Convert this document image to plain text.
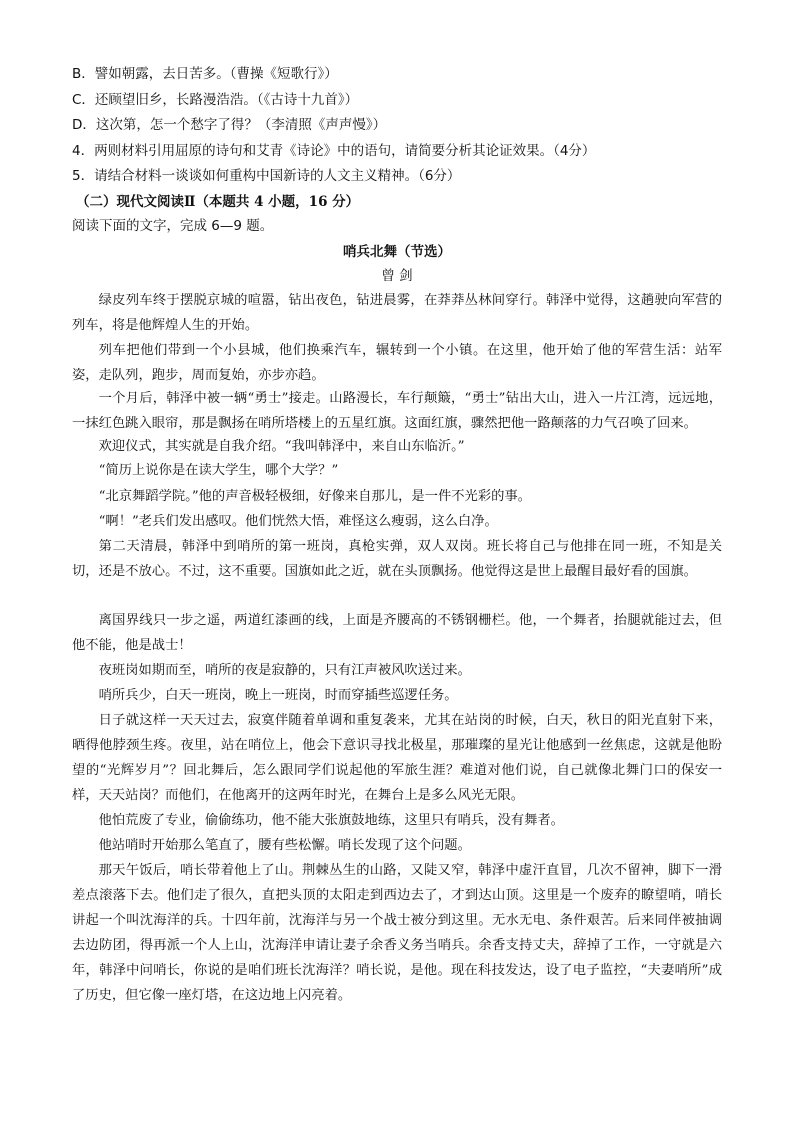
B．譬如朝露，去日苦多。（曹操《短歌行》）
C．还顾望旧乡，长路漫浩浩。（《古诗十九首》）
D．这次第，怎一个愁字了得？（李清照《声声慢》）
4．两则材料引用屈原的诗句和艾青《诗论》中的语句，请简要分析其论证效果。（4分）
5．请结合材料一谈谈如何重构中国新诗的人文主义精神。（6分）
（二）现代文阅读Ⅱ（本题共 4 小题，16 分）
阅读下面的文字，完成 6—9 题。
哨兵北舞（节选）
曾 剑

绿皮列车终于摆脱京城的喧嚣，钻出夜色，钻进晨雾，在莽莽丛林间穿行。韩泽中觉得，这趟驶向军营的列车，将是他辉煌人生的开始。

列车把他们带到一个小县城，他们换乘汽车，辗转到一个小镇。在这里，他开始了他的军营生活：站军姿，走队列，跑步，周而复始，亦步亦趋。

一个月后，韩泽中被一辆“勇士”接走。山路漫长，车行颠簸，“勇士”钻出大山，进入一片江湾，远远地，一抹红色跳入眼帘，那是飘扬在哨所塔楼上的五星红旗。这面红旗，骤然把他一路颠落的力气召唤了回来。

欢迎仪式，其实就是自我介绍。“我叫韩泽中，来自山东临沂。”

“简历上说你是在读大学生，哪个大学？”

“北京舞蹈学院。”他的声音极轻极细，好像来自那儿，是一件不光彩的事。

“啊！”老兵们发出感叹。他们恍然大悟，难怪这么瘦弱，这么白净。

第二天清晨，韩泽中到哨所的第一班岗，真枪实弹，双人双岗。班长将自己与他排在同一班，不知是关切，还是不放心。不过，这不重要。国旗如此之近，就在头顶飘扬。他觉得这是世上最醒目最好看的国旗。

离国界线只一步之遥，两道红漆画的线，上面是齐腰高的不锈钢栅栏。他，一个舞者，抬腿就能过去，但他不能，他是战士！

夜班岗如期而至，哨所的夜是寂静的，只有江声被风吹送过来。

哨所兵少，白天一班岗，晚上一班岗，时而穿插些巡逻任务。

日子就这样一天天过去，寂寞伴随着单调和重复袭来，尤其在站岗的时候，白天，秋日的阳光直射下来，晒得他脖颈生疼。夜里，站在哨位上，他会下意识寻找北极星，那璀璨的星光让他感到一丝焦虑，这就是他盼望的“光辉岁月”？回北舞后，怎么跟同学们说起他的军旅生涯？难道对他们说，自己就像北舞门口的保安一样，天天站岗？而他们，在他离开的这两年时光，在舞台上是多么风光无限。

他怕荒废了专业，偷偷练功，他不能大张旗鼓地练，这里只有哨兵，没有舞者。

他站哨时开始那么笔直了，腰有些松懈。哨长发现了这个问题。

那天午饭后，哨长带着他上了山。荆棘丛生的山路，又陡又窄，韩泽中虚汗直冒，几次不留神，脚下一滑差点滚落下去。他们走了很久，直把头顶的太阳走到西边去了，才到达山顶。这里是一个废弃的瞭望哨，哨长讲起一个叫沈海洋的兵。十四年前，沈海洋与另一个战士被分到这里。无水无电、条件艰苦。后来同伴被抽调去边防团，得再派一个人上山，沈海洋申请让妻子余香义务当哨兵。余香支持丈夫，辞掉了工作，一守就是六年，韩泽中问哨长，你说的是咱们班长沈海洋？哨长说，是他。现在科技发达，设了电子监控，“夫妻哨所”成了历史，但它像一座灯塔，在这边地上闪亮着。
